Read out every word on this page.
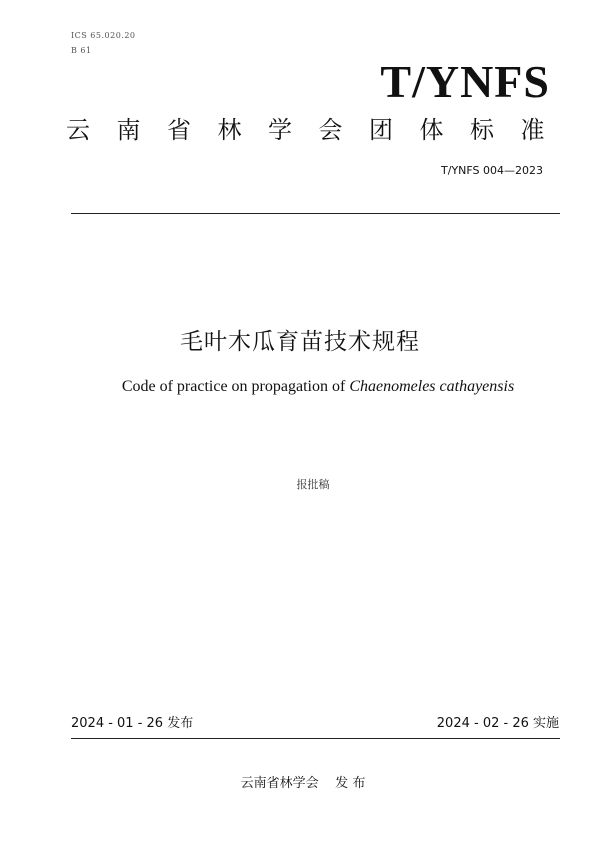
ICS 65.020.20
B 61
T/YNFS
云南省林学会团体标准
T/YNFS 004—2023
毛叶木瓜育苗技术规程
Code of practice on propagation of Chaenomeles cathayensis
报批稿
2024 - 01 - 26 发布	2024 - 02 - 26 实施
云南省林学会    发 布
